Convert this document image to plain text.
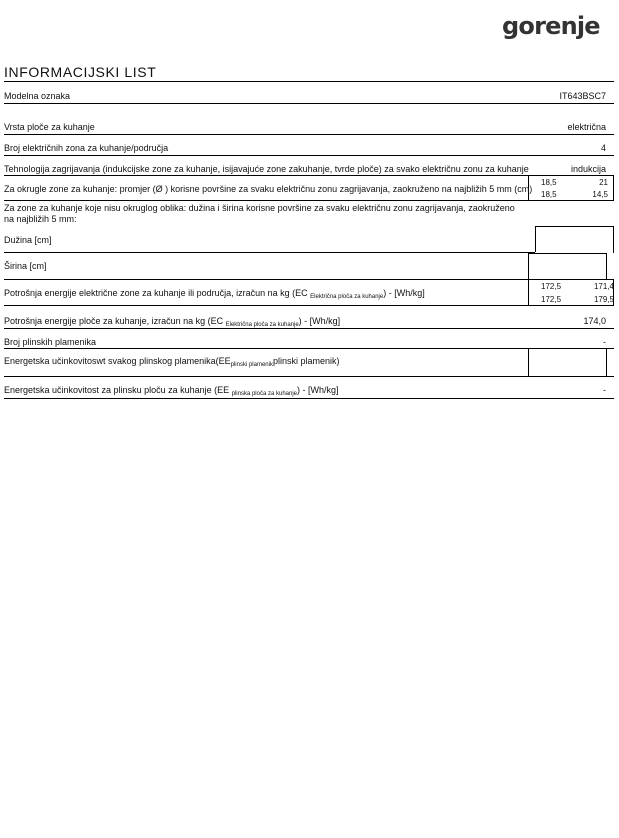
gorenje
INFORMACIJSKI LIST
Modelna oznaka	IT643BSC7
Vrsta ploče za kuhanje	električna
Broj električnih zona za kuhanje/područja	4
Tehnologija zagrijavanja (indukcijske zone za kuhanje, isijavajuće zone zakuhanje, tvrde ploče) za svako električnu zonu za kuhanje	indukcija
Za okrugle zone za kuhanje: promjer (Ø ) korisne površine za svaku električnu zonu zagrijavanja, zaokruženo na najbližih 5 mm (cm)
18,5	21
18,5	14,5
Za zone za kuhanje koje nisu okruglog oblika: dužina i širina korisne površine za svaku električnu zonu zagrijavanja, zaokruženo na najbližih 5 mm:
Dužina [cm]
Širina [cm]
Potrošnja energije električne zone za kuhanje ili područja, izračun na kg (EC $_{Električna ploča za kuhanje}$) - [Wh/kg]
172,5	171,4
172,5	179,5
Potrošnja energije ploče za kuhanje, izračun na kg (EC $_{Električna ploča za kuhanje}$) - [Wh/kg]	174,0
Broj plinskih plamenika	-
Energetska učinkovitoswt svakog plinskog $plamenika(EE_{plinski plamenik}plinski$ plamenik)
Energetska učinkovitost za plinsku ploču za kuhanje (EE $_{plinska ploča za kuhanje}$) - [Wh/kg]	-
